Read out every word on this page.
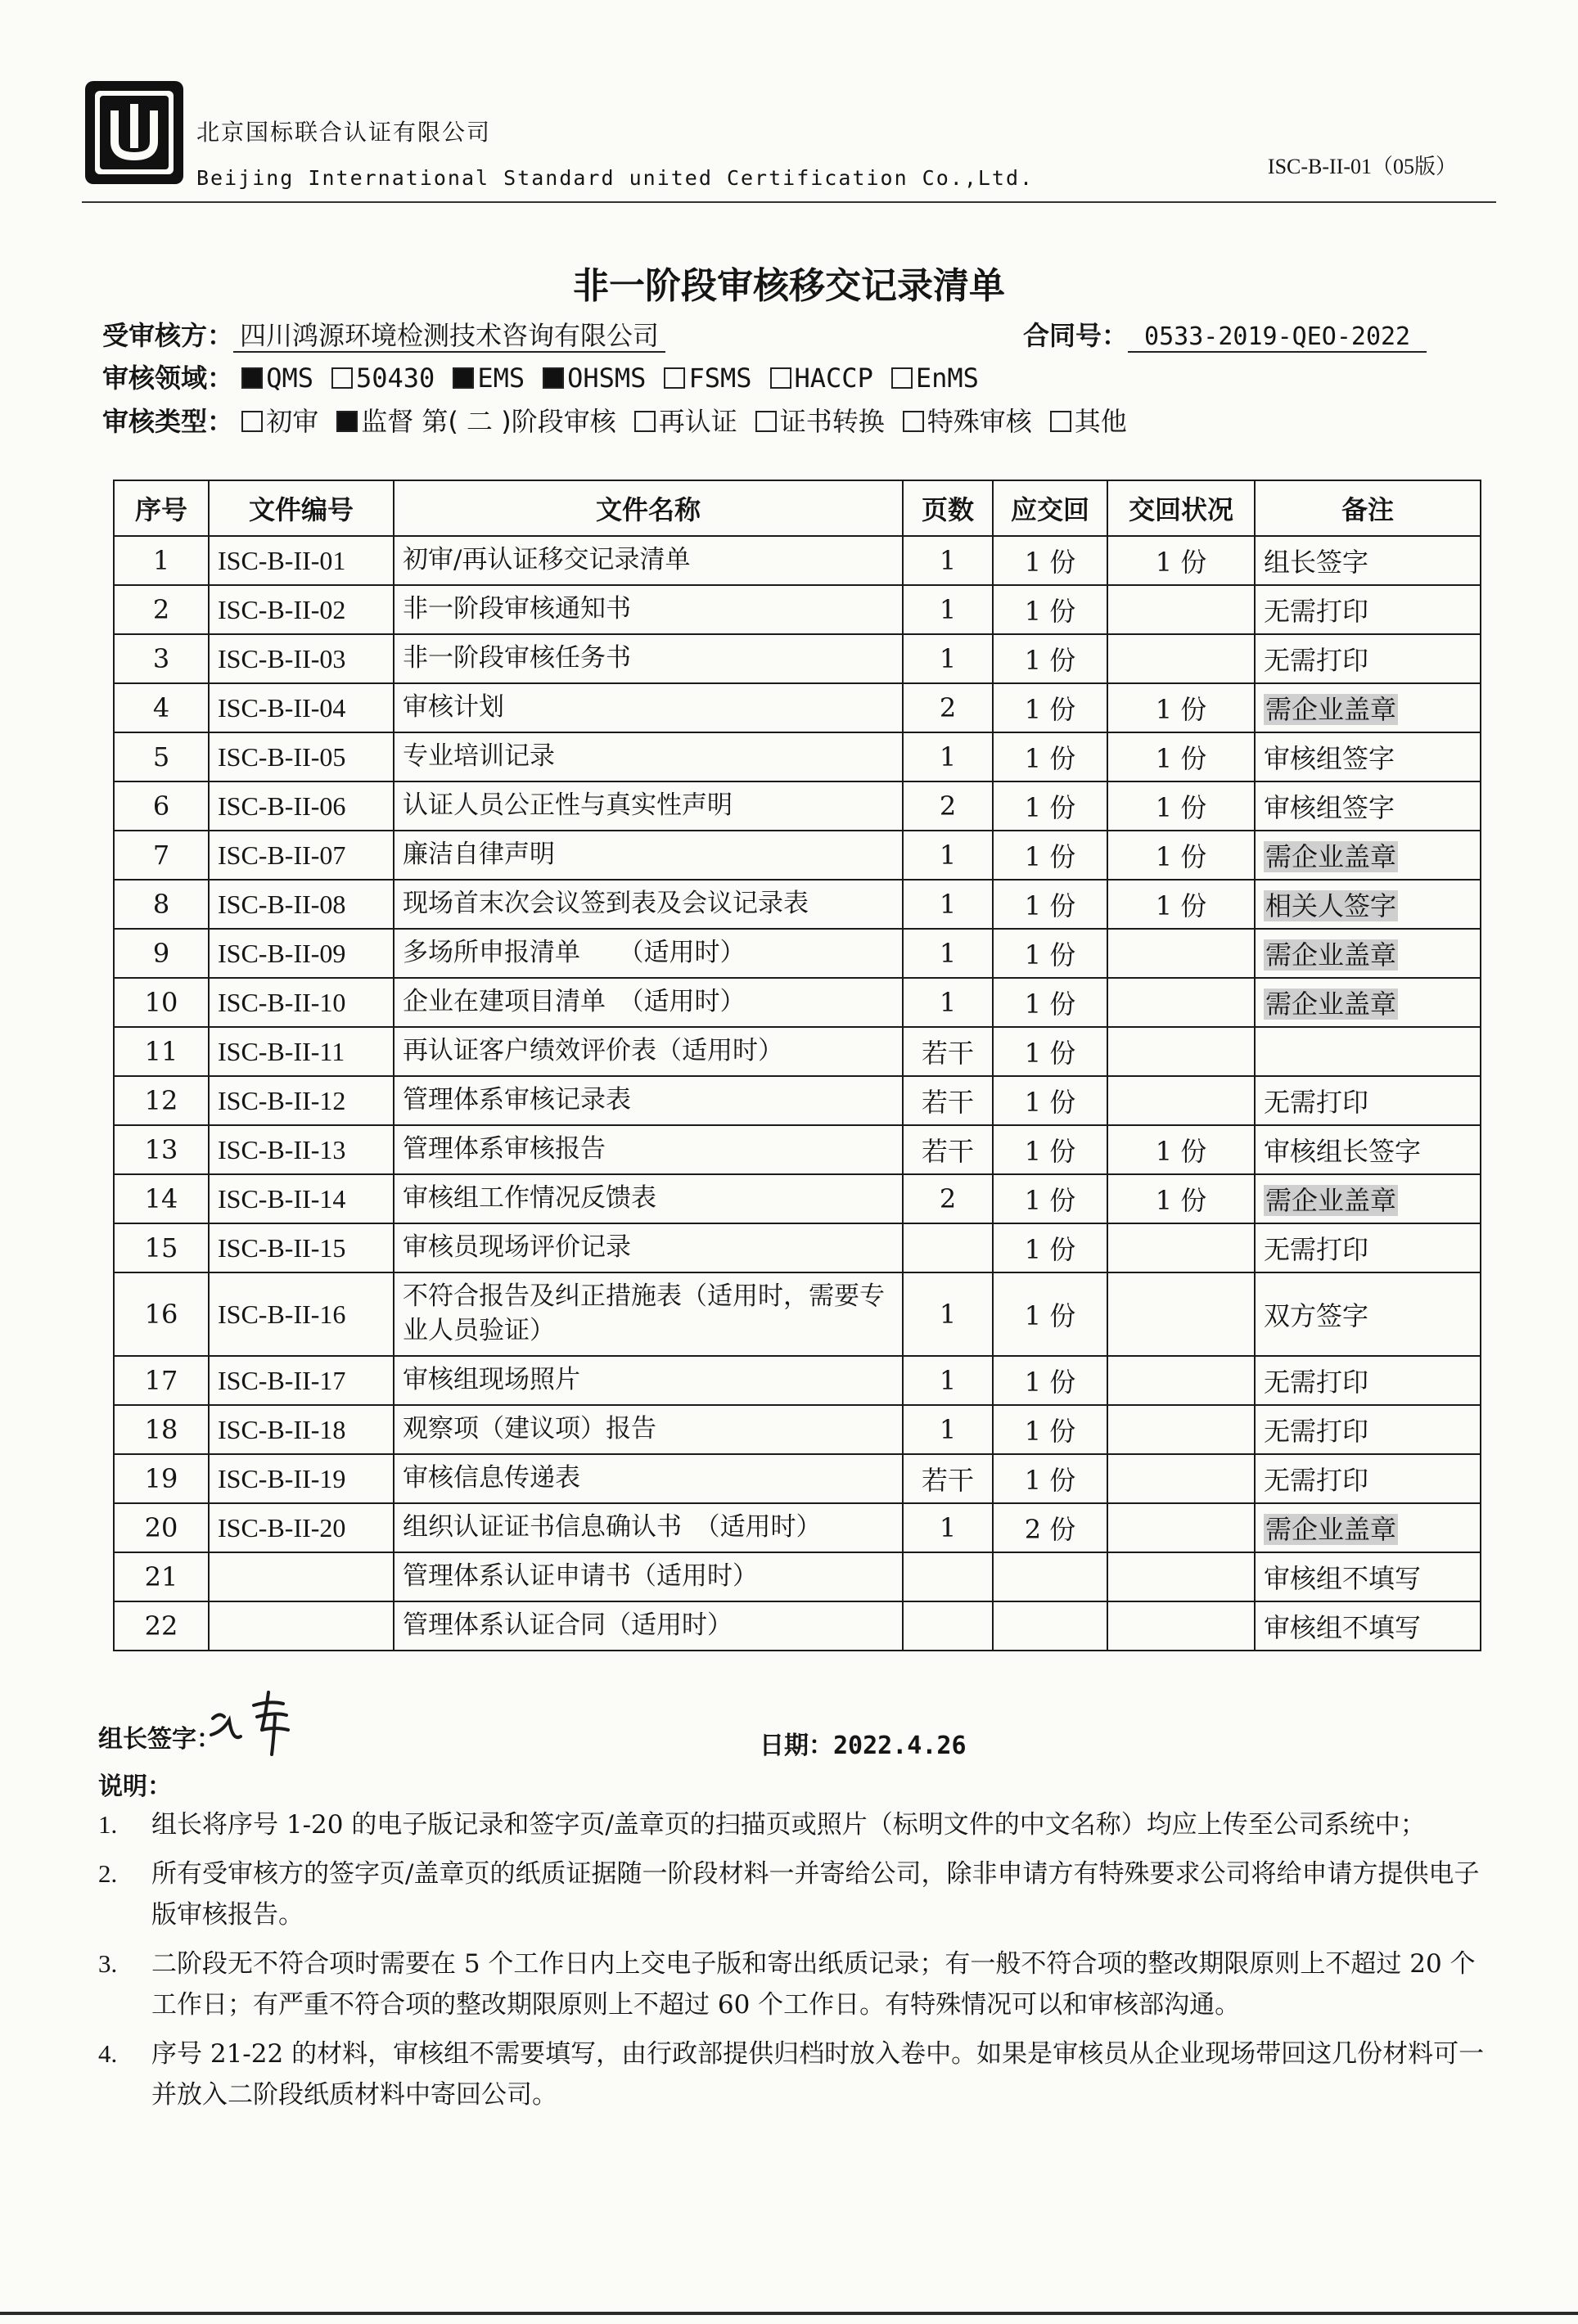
北京国标联合认证有限公司
Beijing International Standard united Certification Co.,Ltd.	ISC-B-II-01（05版）
非一阶段审核移交记录清单
受审核方： 四川鸿源环境检测技术咨询有限公司	合同号： 0533-2019-QEO-2022
审核领域： QMS 50430 EMS OHSMS FSMS HACCP EnMS
审核类型： 初审 监督 第( 二 )阶段审核 再认证 证书转换 特殊审核 其他
序号	文件编号	文件名称	页数	应交回	交回状况	备注
1	ISC-B-II-01	初审/再认证移交记录清单	1	1 份	1 份	组长签字
2	ISC-B-II-02	非一阶段审核通知书	1	1 份		无需打印
3	ISC-B-II-03	非一阶段审核任务书	1	1 份		无需打印
4	ISC-B-II-04	审核计划	2	1 份	1 份	需企业盖章
5	ISC-B-II-05	专业培训记录	1	1 份	1 份	审核组签字
6	ISC-B-II-06	认证人员公正性与真实性声明	2	1 份	1 份	审核组签字
7	ISC-B-II-07	廉洁自律声明	1	1 份	1 份	需企业盖章
8	ISC-B-II-08	现场首末次会议签到表及会议记录表	1	1 份	1 份	相关人签字
9	ISC-B-II-09	多场所申报清单　　（适用时）	1	1 份		需企业盖章
10	ISC-B-II-10	企业在建项目清单　（适用时）	1	1 份		需企业盖章
11	ISC-B-II-11	再认证客户绩效评价表（适用时）	若干	1 份		
12	ISC-B-II-12	管理体系审核记录表	若干	1 份		无需打印
13	ISC-B-II-13	管理体系审核报告	若干	1 份	1 份	审核组长签字
14	ISC-B-II-14	审核组工作情况反馈表	2	1 份	1 份	需企业盖章
15	ISC-B-II-15	审核员现场评价记录		1 份		无需打印
16	ISC-B-II-16	不符合报告及纠正措施表（适用时，需要专业人员验证）	1	1 份		双方签字
17	ISC-B-II-17	审核组现场照片	1	1 份		无需打印
18	ISC-B-II-18	观察项（建议项）报告	1	1 份		无需打印
19	ISC-B-II-19	审核信息传递表	若干	1 份		无需打印
20	ISC-B-II-20	组织认证证书信息确认书　（适用时）	1	2 份		需企业盖章
21		管理体系认证申请书（适用时）				审核组不填写
22		管理体系认证合同（适用时）				审核组不填写
组长签字：	日期：2022.4.26
说明：
1.	组长将序号 1-20 的电子版记录和签字页/盖章页的扫描页或照片（标明文件的中文名称）均应上传至公司系统中；
2.	所有受审核方的签字页/盖章页的纸质证据随一阶段材料一并寄给公司，除非申请方有特殊要求公司将给申请方提供电子版审核报告。
3.	二阶段无不符合项时需要在 5 个工作日内上交电子版和寄出纸质记录；有一般不符合项的整改期限原则上不超过 20 个工作日；有严重不符合项的整改期限原则上不超过 60 个工作日。有特殊情况可以和审核部沟通。
4.	序号 21-22 的材料，审核组不需要填写，由行政部提供归档时放入卷中。如果是审核员从企业现场带回这几份材料可一并放入二阶段纸质材料中寄回公司。
